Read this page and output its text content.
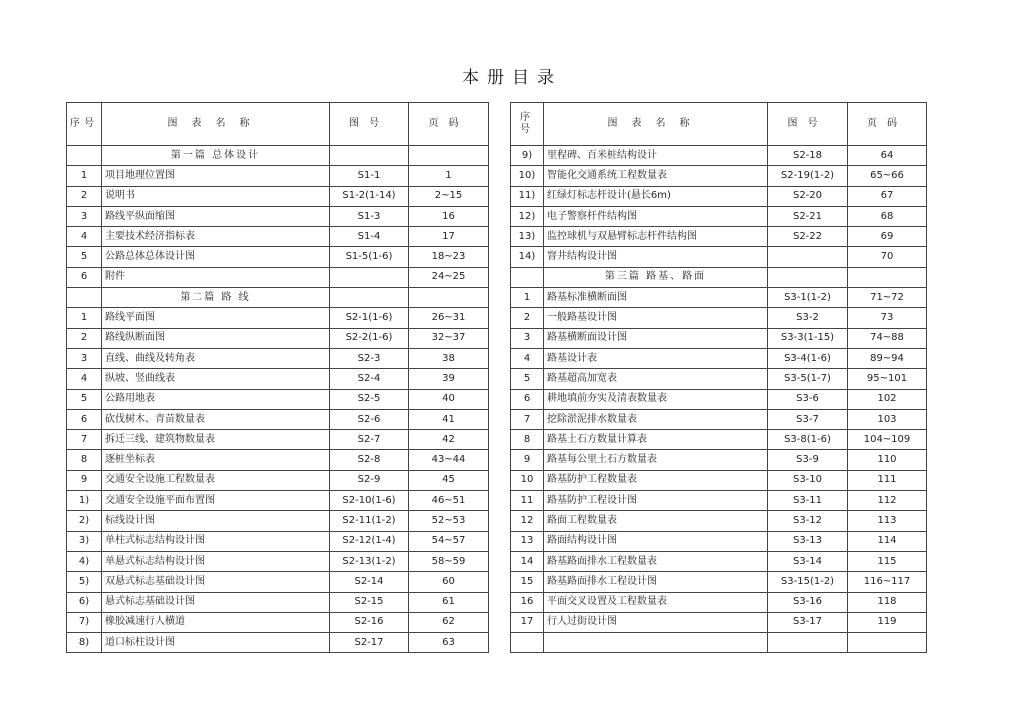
本册目录
序号	图表名称	图号	页码
	第一篇 总体设计		
1	项目地理位置图	S1-1	1
2	说明书	S1-2(1-14)	2~15
3	路线平纵面缩图	S1-3	16
4	主要技术经济指标表	S1-4	17
5	公路总体总体设计图	S1-5(1-6)	18~23
6	附件		24~25
	第二篇 路 线		
1	路线平面图	S2-1(1-6)	26~31
2	路线纵断面图	S2-2(1-6)	32~37
3	直线、曲线及转角表	S2-3	38
4	纵坡、竖曲线表	S2-4	39
5	公路用地表	S2-5	40
6	砍伐树木、青苗数量表	S2-6	41
7	拆迁三线、建筑物数量表	S2-7	42
8	逐桩坐标表	S2-8	43~44
9	交通安全设施工程数量表	S2-9	45
1)	交通安全设施平面布置图	S2-10(1-6)	46~51
2)	标线设计图	S2-11(1-2)	52~53
3)	单柱式标志结构设计图	S2-12(1-4)	54~57
4)	单悬式标志结构设计图	S2-13(1-2)	58~59
5)	双悬式标志基础设计图	S2-14	60
6)	悬式标志基础设计图	S2-15	61
7)	橡胶减速行人横道	S2-16	62
8)	道口标柱设计图	S2-17	63
序号	图表名称	图号	页码
9)	里程碑、百米桩结构设计	S2-18	64
10)	智能化交通系统工程数量表	S2-19(1-2)	65~66
11)	红绿灯标志杆设计(悬长6m)	S2-20	67
12)	电子警察杆件结构图	S2-21	68
13)	监控球机与双悬臂标志杆件结构图	S2-22	69
14)	窨井结构设计图		70
	第三篇 路基、路面		
1	路基标准横断面图	S3-1(1-2)	71~72
2	一般路基设计图	S3-2	73
3	路基横断面设计图	S3-3(1-15)	74~88
4	路基设计表	S3-4(1-6)	89~94
5	路基超高加宽表	S3-5(1-7)	95~101
6	耕地填前夯实及清表数量表	S3-6	102
7	挖除淤泥排水数量表	S3-7	103
8	路基土石方数量计算表	S3-8(1-6)	104~109
9	路基每公里土石方数量表	S3-9	110
10	路基防护工程数量表	S3-10	111
11	路基防护工程设计图	S3-11	112
12	路面工程数量表	S3-12	113
13	路面结构设计图	S3-13	114
14	路基路面排水工程数量表	S3-14	115
15	路基路面排水工程设计图	S3-15(1-2)	116~117
16	平面交叉设置及工程数量表	S3-16	118
17	行人过街设计图	S3-17	119
